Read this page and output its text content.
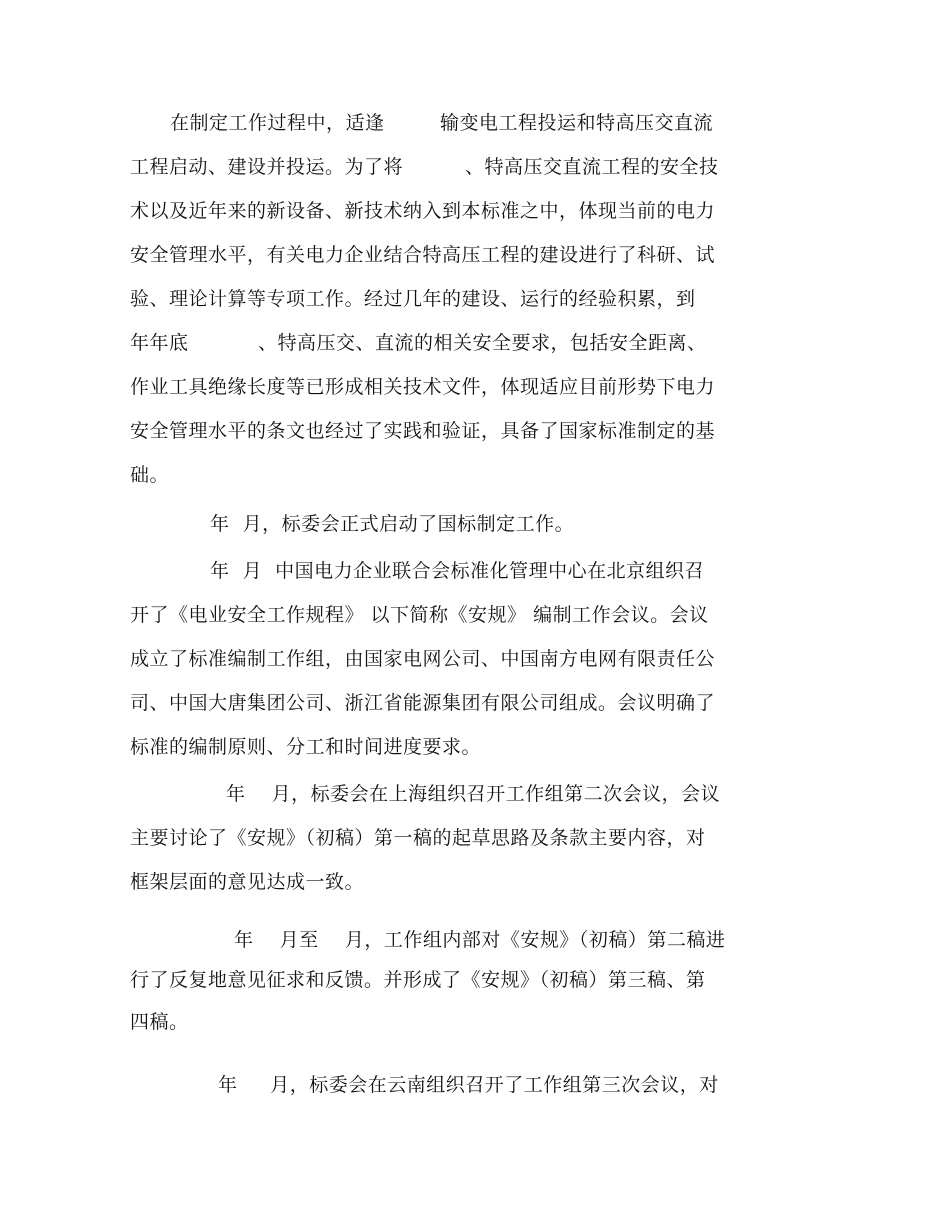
在制定工作过程中，适逢	输变电工程投运和特高压交直流
工程启动、建设并投运。为了将	、特高压交直流工程的安全技
术以及近年来的新设备、新技术纳入到本标准之中，体现当前的电力
安全管理水平，有关电力企业结合特高压工程的建设进行了科研、试
验、理论计算等专项工作。经过几年的建设、运行的经验积累，到
年年底	、特高压交、直流的相关安全要求，包括安全距离、
作业工具绝缘长度等已形成相关技术文件，体现适应目前形势下电力
安全管理水平的条文也经过了实践和验证，具备了国家标准制定的基
础。
年  月，标委会正式启动了国标制定工作。
年  月  中国电力企业联合会标准化管理中心在北京组织召
开了《电业安全工作规程》 以下简称《安规》 编制工作会议。会议
成立了标准编制工作组，由国家电网公司、中国南方电网有限责任公
司、中国大唐集团公司、浙江省能源集团有限公司组成。会议明确了
标准的编制原则、分工和时间进度要求。
年    月，标委会在上海组织召开工作组第二次会议，会议
主要讨论了《安规》（初稿）第一稿的起草思路及条款主要内容，对
框架层面的意见达成一致。
年    月至    月，工作组内部对《安规》（初稿）第二稿进
行了反复地意见征求和反馈。并形成了《安规》（初稿）第三稿、第
四稿。
年     月，标委会在云南组织召开了工作组第三次会议，对
